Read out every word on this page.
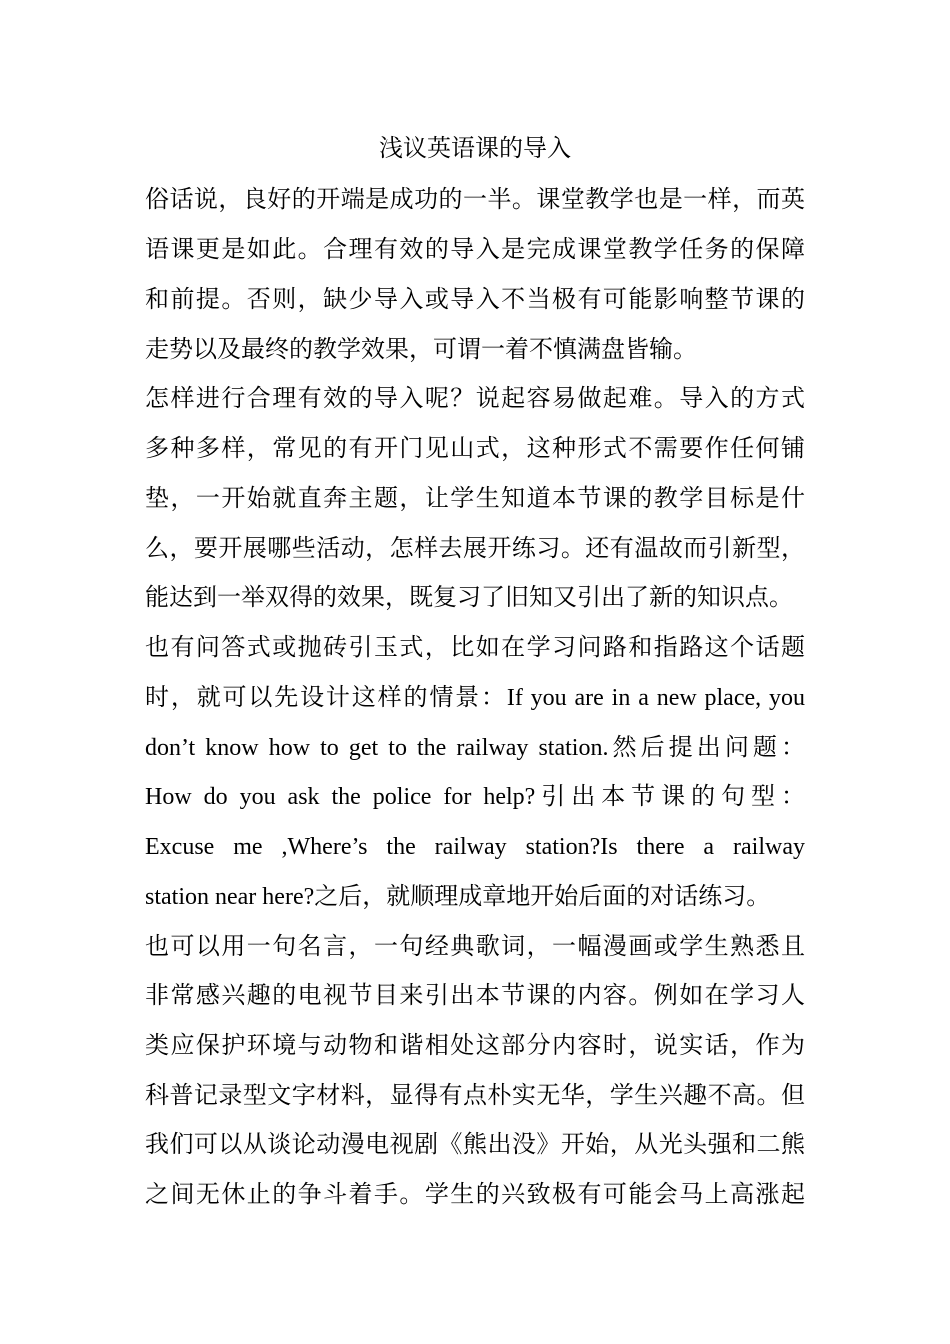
浅议英语课的导入
俗话说，良好的开端是成功的一半。课堂教学也是一样，而英
语课更是如此。合理有效的导入是完成课堂教学任务的保障
和前提。否则，缺少导入或导入不当极有可能影响整节课的
走势以及最终的教学效果，可谓一着不慎满盘皆输。
怎样进行合理有效的导入呢？说起容易做起难。导入的方式
多种多样，常见的有开门见山式，这种形式不需要作任何铺
垫，一开始就直奔主题，让学生知道本节课的教学目标是什
么，要开展哪些活动，怎样去展开练习。还有温故而引新型，
能达到一举双得的效果，既复习了旧知又引出了新的知识点。
也有问答式或抛砖引玉式，比如在学习问路和指路这个话题
时，就可以先设计这样的情景：If you are in a new place, you
don’t know how to get to the railway station.然后提出问题：
How do you ask the police for help?引出本节课的句型：
Excuse me ,Where’s the railway station?Is there a railway
station near here?之后，就顺理成章地开始后面的对话练习。
也可以用一句名言，一句经典歌词，一幅漫画或学生熟悉且
非常感兴趣的电视节目来引出本节课的内容。例如在学习人
类应保护环境与动物和谐相处这部分内容时，说实话，作为
科普记录型文字材料，显得有点朴实无华，学生兴趣不高。但
我们可以从谈论动漫电视剧《熊出没》开始，从光头强和二熊
之间无休止的争斗着手。学生的兴致极有可能会马上高涨起
